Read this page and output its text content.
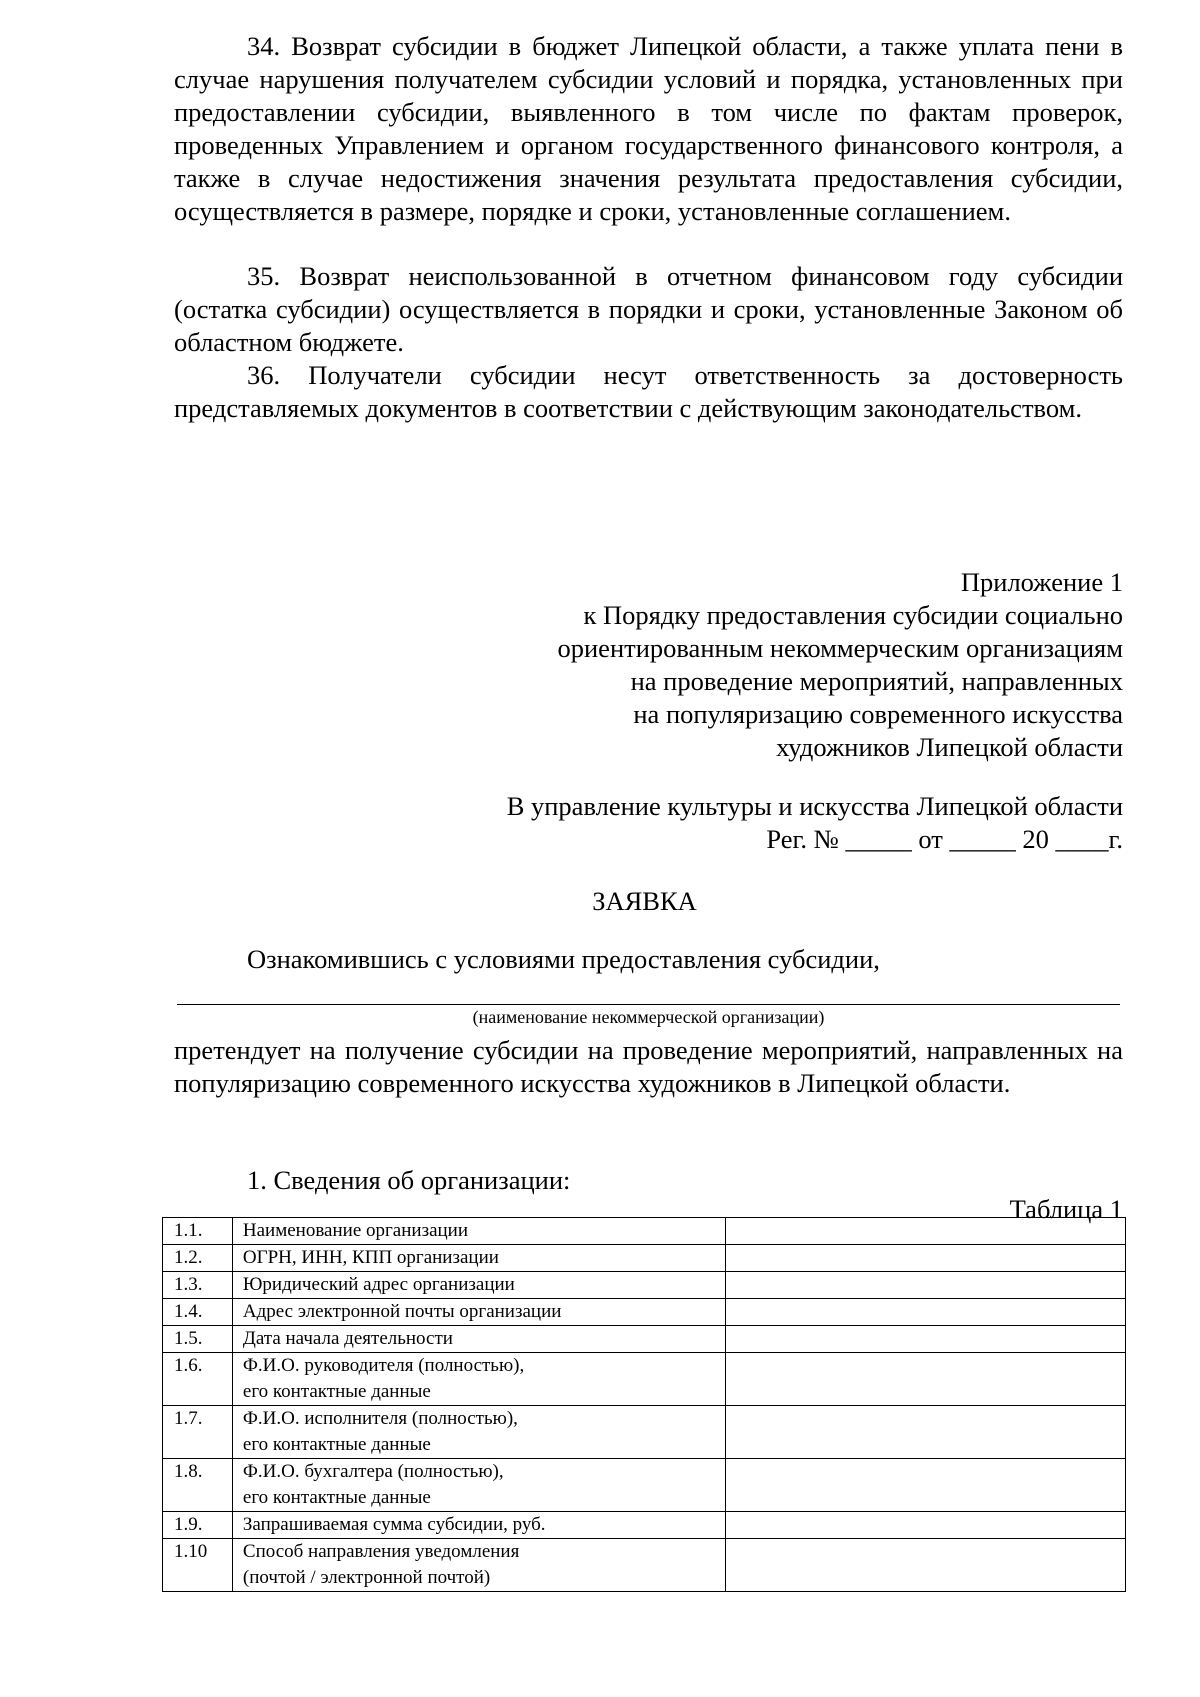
34. Возврат субсидии в бюджет Липецкой области, а также уплата пени в случае нарушения получателем субсидии условий и порядка, установленных при предоставлении субсидии, выявленного в том числе по фактам проверок, проведенных Управлением и органом государственного финансового контроля, а также в случае недостижения значения результата предоставления субсидии, осуществляется в размере, порядке и сроки, установленные соглашением.

35. Возврат неиспользованной в отчетном финансовом году субсидии (остатка субсидии) осуществляется в порядки и сроки, установленные Законом об областном бюджете.

36. Получатели субсидии несут ответственность за достоверность представляемых документов в соответствии с действующим законодательством.

Приложение 1

к Порядку предоставления субсидии социально

ориентированным некоммерческим организациям

на проведение мероприятий, направленных

на популяризацию современного искусства

художников Липецкой области

В управление культуры и искусства Липецкой области

Рег. № _____ от _____ 20 ____г.

ЗАЯВКА

Ознакомившись с условиями предоставления субсидии,

(наименование некоммерческой организации)

претендует на получение субсидии на проведение мероприятий, направленных на популяризацию современного искусства художников в Липецкой области.

1. Сведения об организации:

Таблица 1

1.1.	Наименование организации	

1.2.	ОГРН, ИНН, КПП организации	

1.3.	Юридический адрес организации	

1.4.	Адрес электронной почты организации	

1.5.	Дата начала деятельности	

1.6.	Ф.И.О. руководителя (полностью),
его контактные данные	

1.7.	Ф.И.О. исполнителя (полностью),
его контактные данные	

1.8.	Ф.И.О. бухгалтера (полностью),
его контактные данные	

1.9.	Запрашиваемая сумма субсидии, руб.	

1.10	Способ направления уведомления
(почтой / электронной почтой)	
